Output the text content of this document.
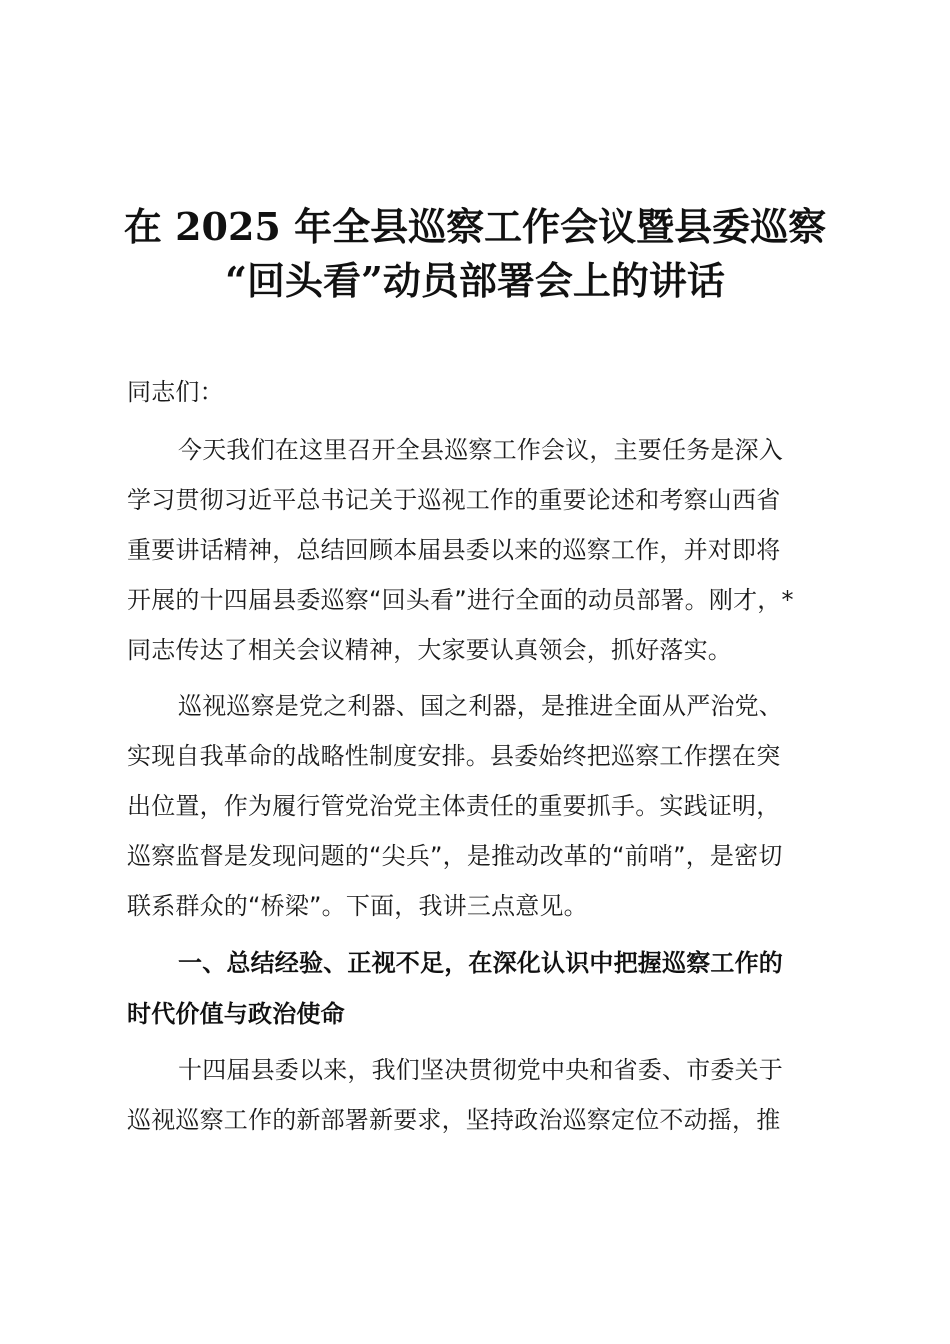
在 2025 年全县巡察工作会议暨县委巡察
“回头看”动员部署会上的讲话
同志们：
今天我们在这里召开全县巡察工作会议，主要任务是深入
学习贯彻习近平总书记关于巡视工作的重要论述和考察山西省
重要讲话精神，总结回顾本届县委以来的巡察工作，并对即将
开展的十四届县委巡察“回头看”进行全面的动员部署。刚才，*
同志传达了相关会议精神，大家要认真领会，抓好落实。
巡视巡察是党之利器、国之利器，是推进全面从严治党、
实现自我革命的战略性制度安排。县委始终把巡察工作摆在突
出位置，作为履行管党治党主体责任的重要抓手。实践证明，
巡察监督是发现问题的“尖兵”，是推动改革的“前哨”，是密切
联系群众的“桥梁”。下面，我讲三点意见。
一、总结经验、正视不足，在深化认识中把握巡察工作的
时代价值与政治使命
十四届县委以来，我们坚决贯彻党中央和省委、市委关于
巡视巡察工作的新部署新要求，坚持政治巡察定位不动摇，推
